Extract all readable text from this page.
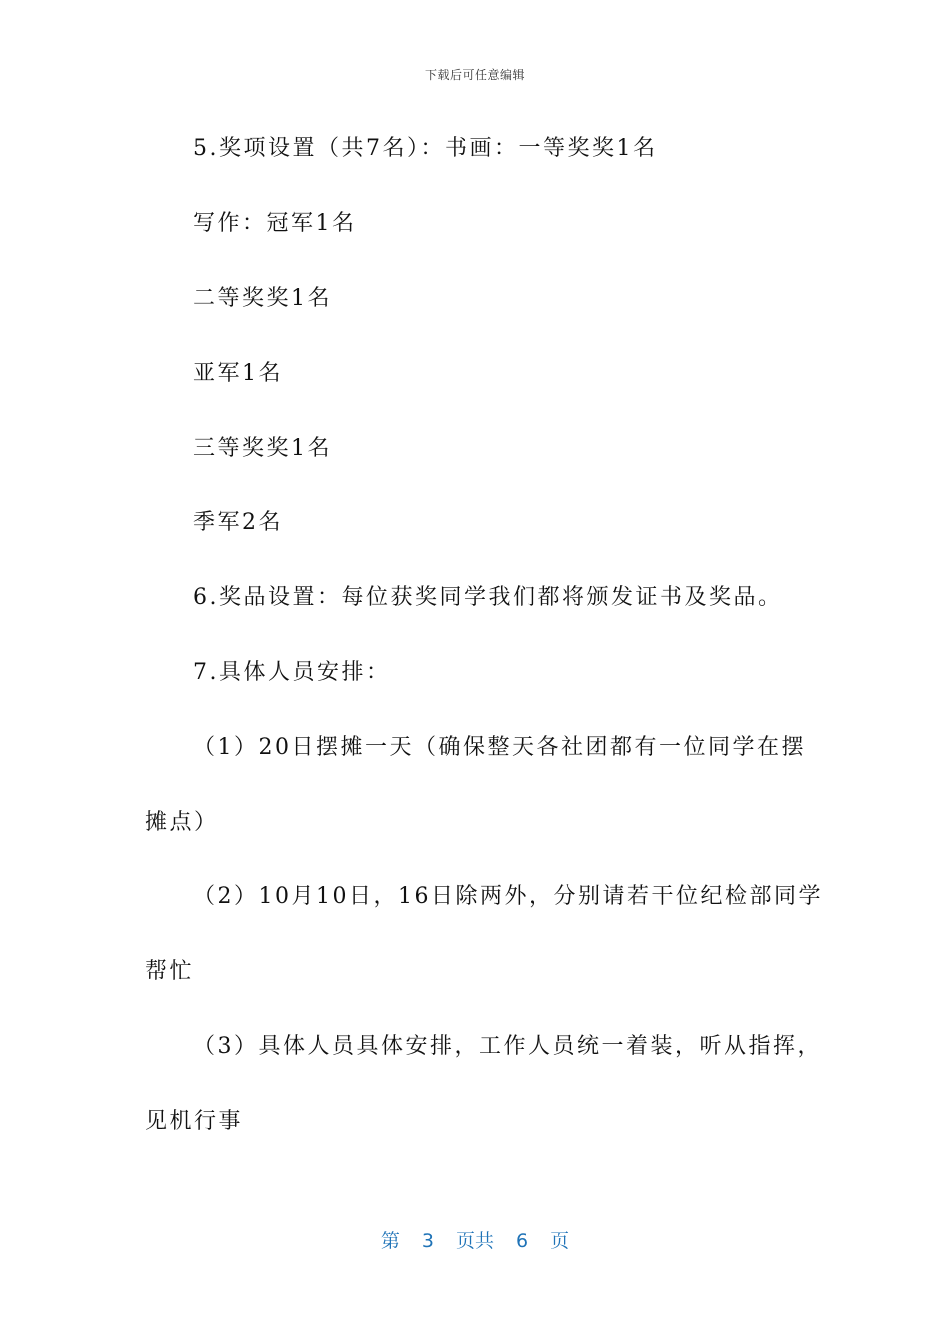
下载后可任意编辑
5.奖项设置（共7名）：书画：一等奖奖1名
写作：冠军1名
二等奖奖1名
亚军1名
三等奖奖1名
季军2名
6.奖品设置：每位获奖同学我们都将颁发证书及奖品。
7.具体人员安排：
（1）20日摆摊一天（确保整天各社团都有一位同学在摆
摊点）
（2）10月10日，16日除两外，分别请若干位纪检部同学
帮忙
（3）具体人员具体安排，工作人员统一着装，听从指挥，
见机行事
第 3 页共 6 页
